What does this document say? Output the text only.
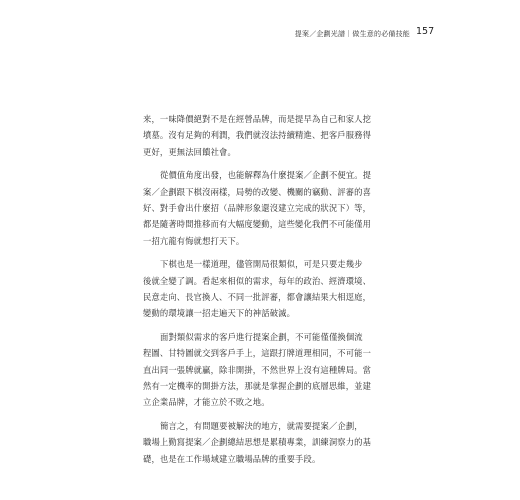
提案／企劃光譜｜做生意的必備技能 157
来，一味降價絕對不是在經營品牌，而是提早為自己和家人挖
墳墓。沒有足夠的利潤，我們就沒法持續精進、把客戶服務得
更好，更無法回饋社會。
從價值角度出發，也能解釋為什麼提案／企劃不便宜。提
案／企劃跟下棋沒兩樣，局勢的改變、機關的竊動、評審的喜
好、對手會出什麼招（品牌形象還沒建立完成的狀況下）等，
都是隨著時間推移而有大幅度變動，這些變化我們不可能僅用
一招亢龍有悔就想打天下。
下棋也是一樣道理，儘管開局很類似，可是只要走幾步
後就全變了調。看起來相似的需求，每年的政治、經濟環境、
民意走向、長官換人、不同一批評審，都會讓結果大相逕庭，
變動的環境讓一招走遍天下的神話破滅。
面對類似需求的客戶進行提案企劃，不可能僅僅換個流
程圖、甘特圖就交到客戶手上，這跟打牌道理相同，不可能一
直出同一張牌就贏，除非開掛，不然世界上沒有這種牌局。當
然有一定機率的開掛方法，那就是掌握企劃的底層思維，並建
立企業品牌，才能立於不敗之地。
簡言之，有問題要被解決的地方，就需要提案／企劃，
職場上勤寫提案／企劃總結思想是累積專業，訓練洞察力的基
礎，也是在工作場域建立職場品牌的重要手段。
